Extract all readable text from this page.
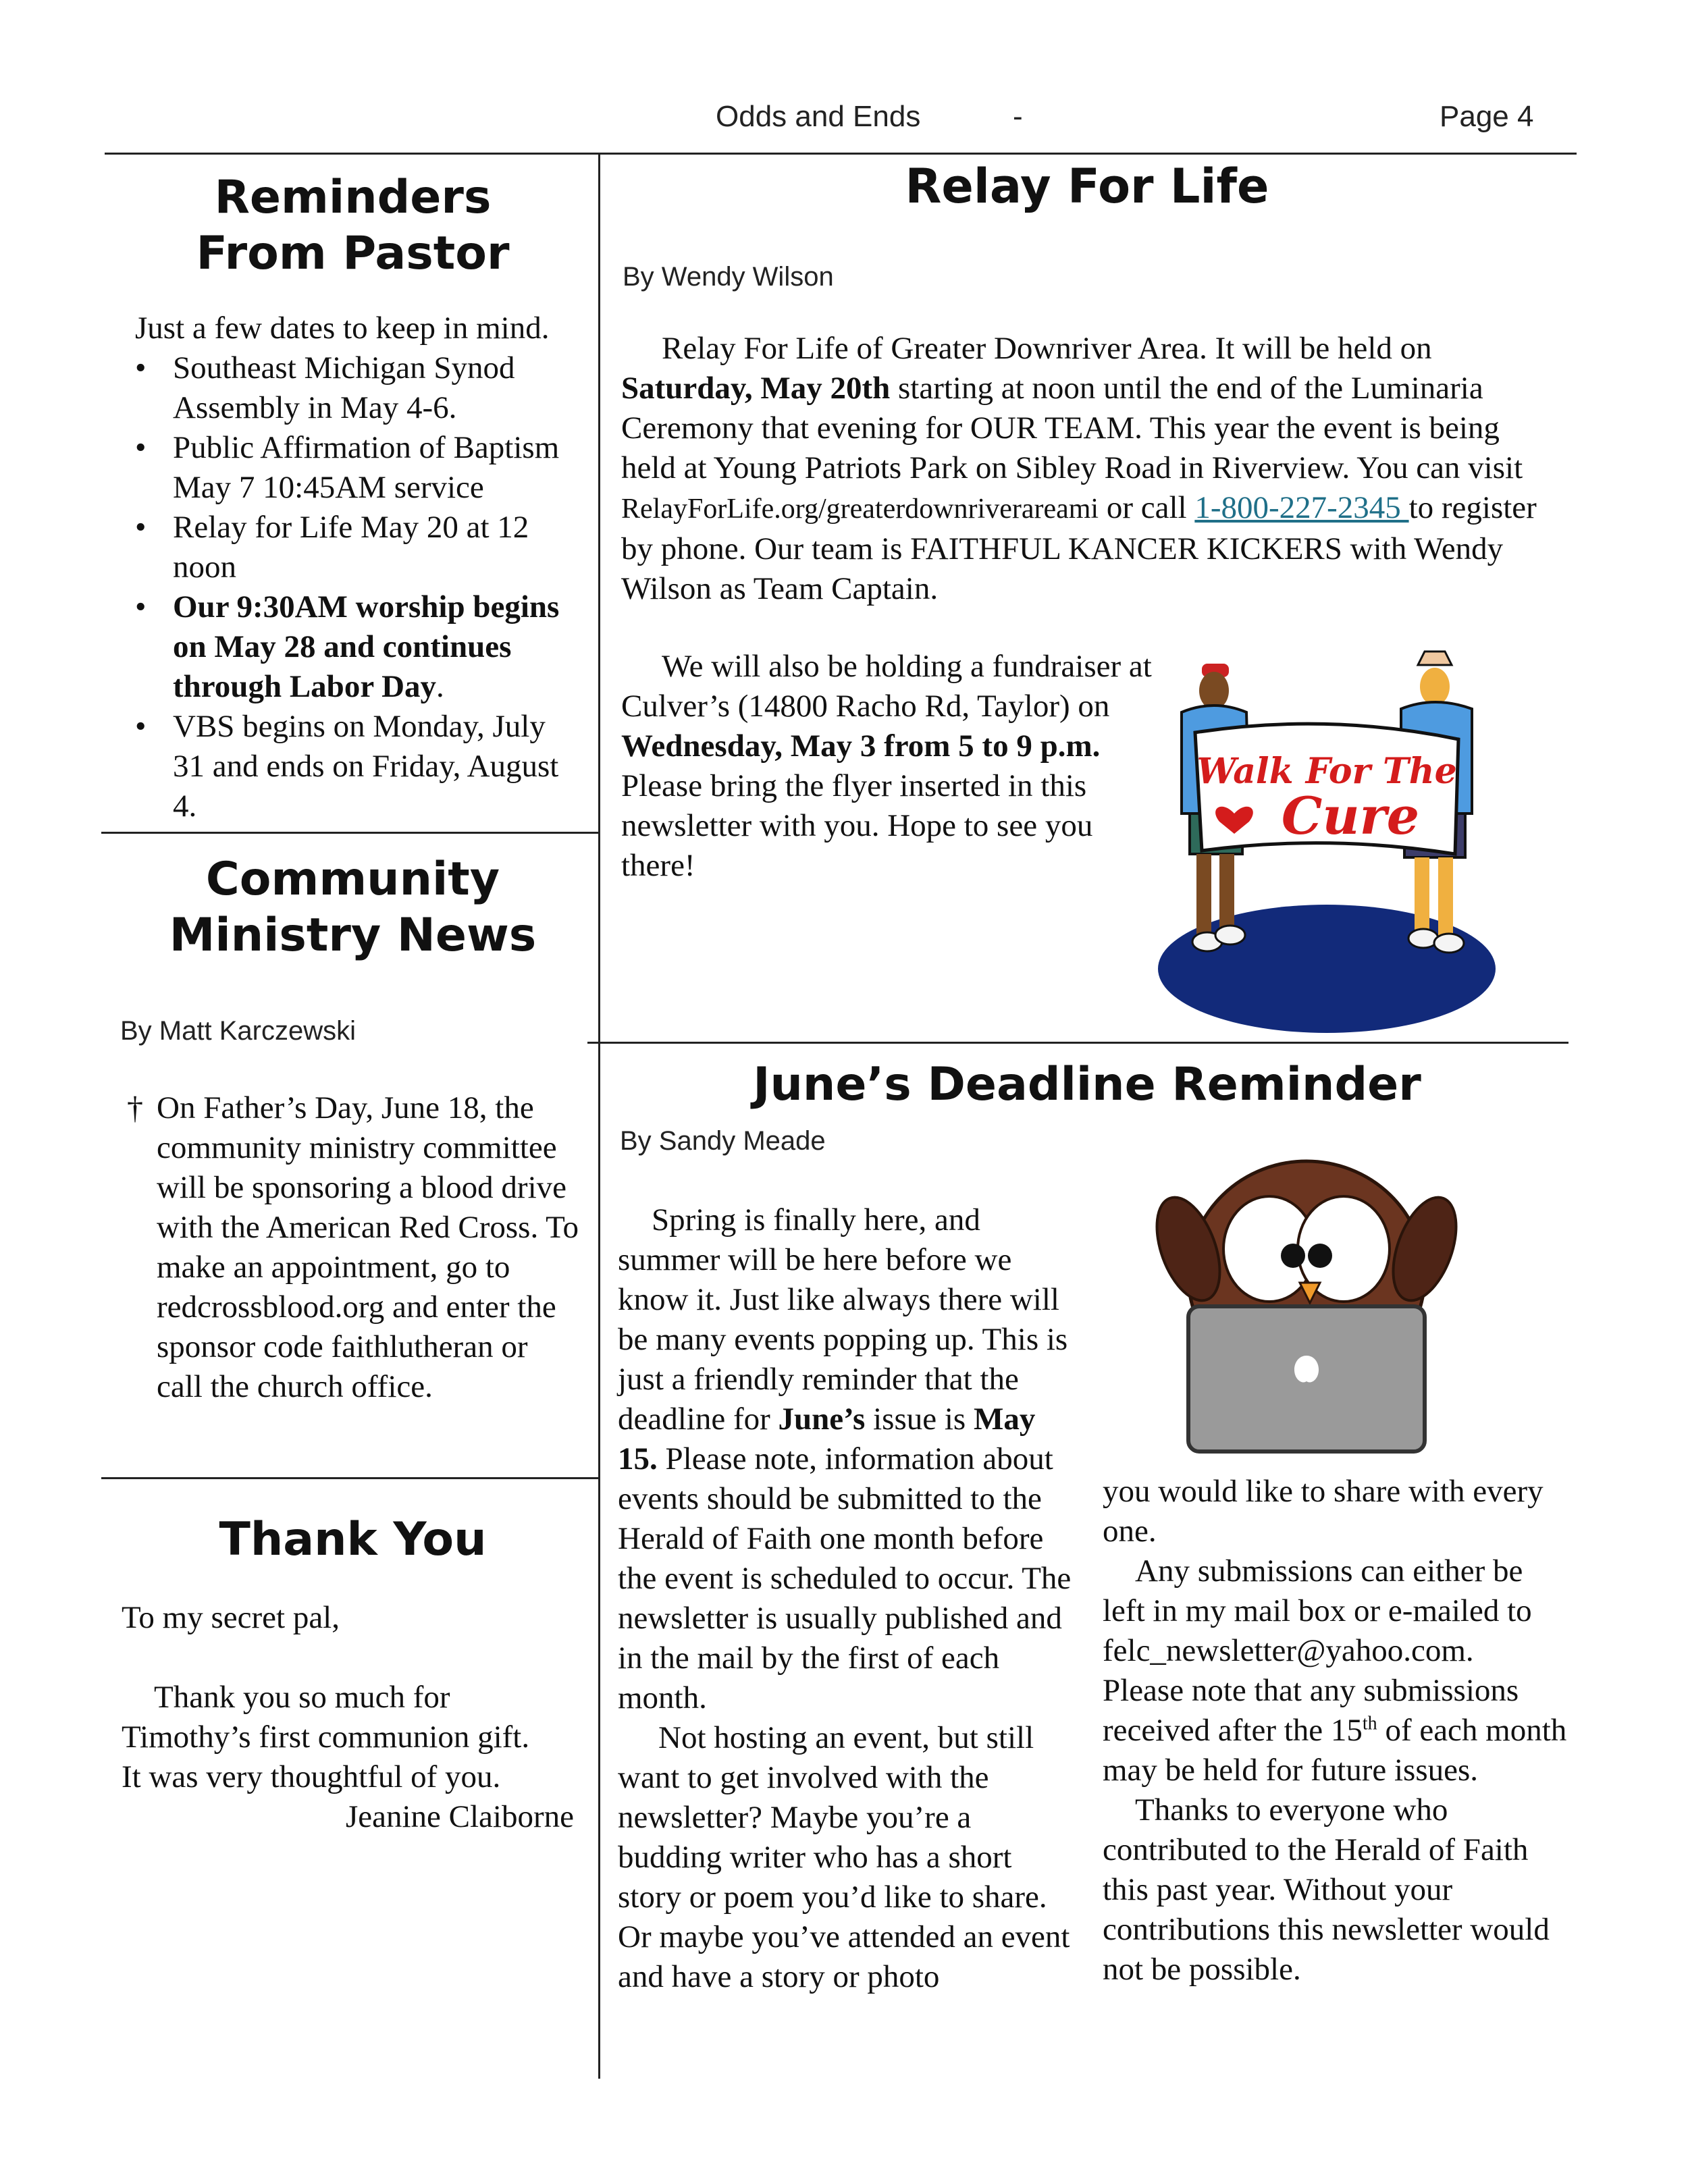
Odds and Ends	-	Page 4
Reminders
From Pastor

Just a few dates to keep in mind.

• Southeast Michigan Synod Assembly in May 4-6.
• Public Affirmation of Baptism May 7 10:45AM service
• Relay for Life May 20 at 12 noon
• Our 9:30AM worship begins on May 28 and continues through Labor Day.
• VBS begins on Monday, July 31 and ends on Friday, August 4.
Community
Ministry News
By Matt Karczewski
† On Father’s Day, June 18, the community ministry committee will be sponsoring a blood drive with the American Red Cross. To make an appointment, go to redcrossblood.org and enter the sponsor code faithlutheran or call the church office.
Thank You
To my secret pal,
Thank you so much for Timothy’s first communion gift. It was very thoughtful of you.
Jeanine Claiborne
Relay For Life
By Wendy Wilson

Relay For Life of Greater Downriver Area. It will be held on Saturday, May 20th starting at noon until the end of the Luminaria Ceremony that evening for OUR TEAM. This year the event is being held at Young Patriots Park on Sibley Road in Riverview. You can visit RelayForLife.org/greaterdownriverareami or call 1-800-227-2345 to register by phone. Our team is FAITHFUL KANCER KICKERS with Wendy Wilson as Team Captain.

We will also be holding a fundraiser at Culver’s (14800 Racho Rd, Taylor) on Wednesday, May 3 from 5 to 9 p.m. Please bring the flyer inserted in this newsletter with you. Hope to see you there!

Walk For The
Cure
June’s Deadline Reminder
By Sandy Meade

Spring is finally here, and summer will be here before we know it. Just like always there will be many events popping up. This is just a friendly reminder that the deadline for June’s issue is May 15. Please note, information about events should be submitted to the Herald of Faith one month before the event is scheduled to occur. The newsletter is usually published and in the mail by the first of each month.

Not hosting an event, but still want to get involved with the newsletter? Maybe you’re a budding writer who has a short story or poem you’d like to share. Or maybe you’ve attended an event and have a story or photo

you would like to share with every one.

Any submissions can either be left in my mail box or e-mailed to felc_newsletter@yahoo.com.

Please note that any submissions received after the 15th of each month may be held for future issues.

Thanks to everyone who contributed to the Herald of Faith this past year. Without your contributions this newsletter would not be possible.
